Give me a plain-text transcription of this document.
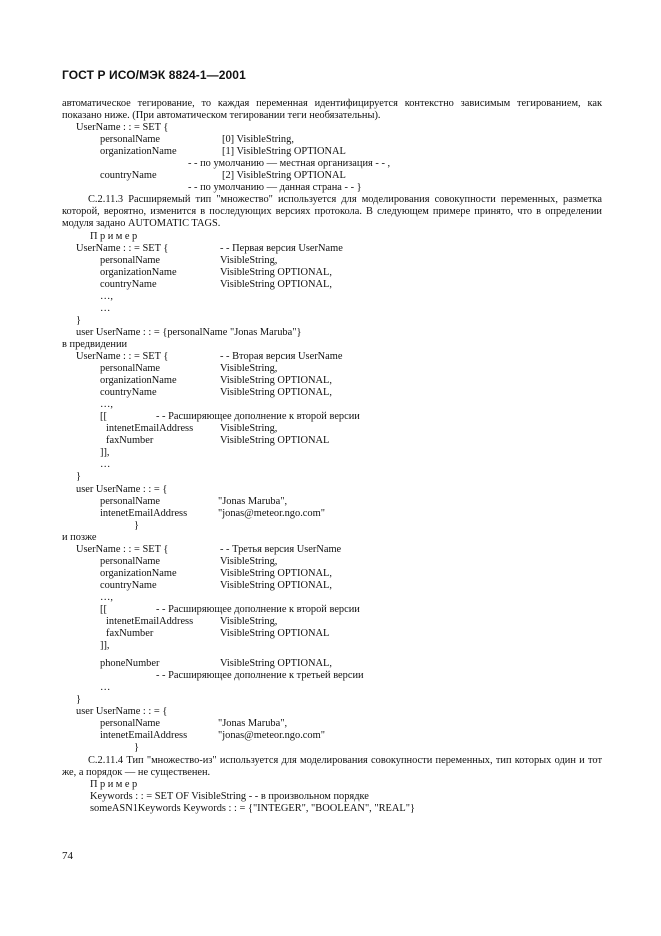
ГОСТ Р ИСО/МЭК 8824-1—2001
автоматическое тегирование, то каждая переменная идентифицируется контекстно зависимым тегированием, как показано ниже. (При автоматическом тегировании теги необязательны).
UserName : : = SET {
personalName	[0] VisibleString,
organizationName	[1] VisibleString OPTIONAL
- - по умолчанию — местная организация - - ,
countryName	[2] VisibleString OPTIONAL
- - по умолчанию — данная страна - - }
С.2.11.3 Расширяемый тип "множество" используется для моделирования совокупности переменных, разметка которой, вероятно, изменится в последующих версиях протокола. В следующем примере принято, что в определении модуля задано AUTOMATIC TAGS.
Пример
UserName : : = SET {	- - Первая версия UserName
personalName	VisibleString,
organizationName	VisibleString OPTIONAL,
countryName	VisibleString OPTIONAL,
…,
…
}
user UserName : : = {personalName "Jonas Maruba"}
в предвидении
UserName : : = SET {	- - Вторая версия UserName
personalName	VisibleString,
organizationName	VisibleString OPTIONAL,
countryName	VisibleString OPTIONAL,
…,
[[	- - Расширяющее дополнение к второй версии
intenetEmailAddress	VisibleString,
faxNumber	VisibleString OPTIONAL
]],
…
}
user UserName : : = {
personalName	"Jonas Maruba",
intenetEmailAddress	"jonas@meteor.ngo.com"
}
и позже
UserName : : = SET {	- - Третья версия UserName
personalName	VisibleString,
organizationName	VisibleString OPTIONAL,
countryName	VisibleString OPTIONAL,
…,
[[	- - Расширяющее дополнение к второй версии
intenetEmailAddress	VisibleString,
faxNumber	VisibleString OPTIONAL
]],
phoneNumber	VisibleString OPTIONAL,
- - Расширяющее дополнение к третьей версии
…
}
user UserName : : = {
personalName	"Jonas Maruba",
intenetEmailAddress	"jonas@meteor.ngo.com"
}
С.2.11.4 Тип "множество-из" используется для моделирования совокупности переменных, тип которых один и тот же, а порядок — не существенен.
Пример
Keywords : : = SET OF VisibleString - - в произвольном порядке
someASN1Keywords Keywords : : = {"INTEGER", "BOOLEAN", "REAL"}
74
